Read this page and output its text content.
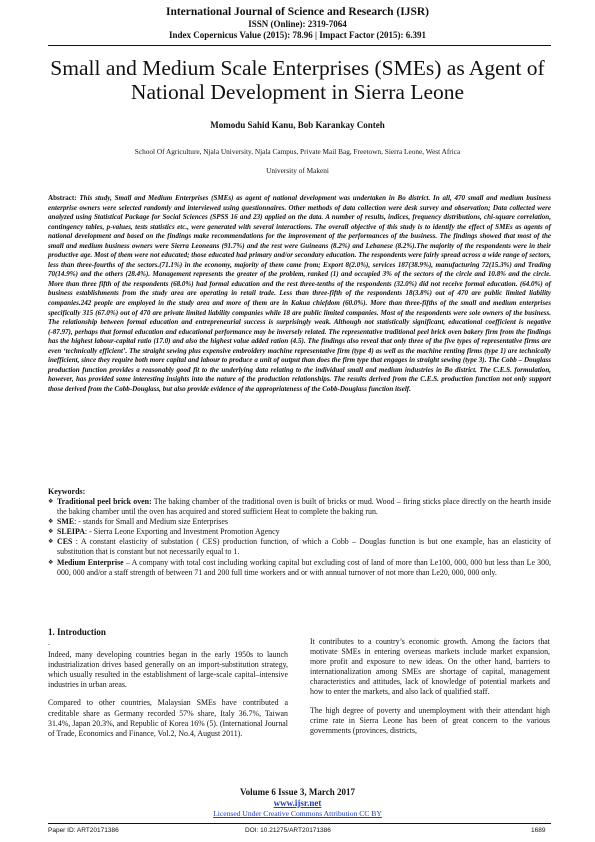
International Journal of Science and Research (IJSR)
ISSN (Online): 2319-7064
Index Copernicus Value (2015): 78.96 | Impact Factor (2015): 6.391
Small and Medium Scale Enterprises (SMEs) as Agent of National Development in Sierra Leone
Momodu Sahid Kanu, Bob Karankay Conteh
School Of Agriculture, Njala University, Njala Campus, Private Mail Bag, Freetown, Sierra Leone, West Africa
University of Makeni
Abstract: This study, Small and Medium Enterprises (SMEs) as agent of national development was undertaken in Bo district. In all, 470 small and medium business enterprise owners were selected randomly and interviewed using questionnaires. Other methods of data collection were desk survey and observation; Data collected were analyzed using Statistical Package for Social Sciences (SPSS 16 and 23) applied on the data. A number of results, indices, frequency distributions, chi-square correlation, contingency tables, p-values, tests statistics etc., were generated with several interactions. The overall objective of this study is to identify the effect of SMEs as agents of national development and based on the findings make recommendations for the improvement of the performances of the business. The findings showed that most of the small and medium business owners were Sierra Leoneans (91.7%) and the rest were Guineans (8.2%) and Lebanese (8.2%).The majority of the respondents were in their productive age. Most of them were not educated; those educated had primary and/or secondary education. The respondents were fairly spread across a wide range of sectors, less than three-fourths of the sectors.(71.1%) in the economy, majority of them came from; Export 8(2.0%), services 187(38.9%), manufacturing 72(15.3%) and Trading 70(14.9%) and the others (28.4%). Management represents the greater of the problem, ranked (1) and occupied 3% of the sectors of the circle and 10.8% and the circle. More than three fifth of the respondents (68.0%) had formal education and the rest three-tenths of the respondents (32.0%) did not receive formal education. (64.0%) of business establishments from the study area are operating in retail trade. Less than three-fifth of the respondents 18(3.8%) out of 470 are public limited liability companies.242 people are employed in the study area and more of them are in Kakua chiefdom (60.0%). More than three-fifths of the small and medium enterprises specifically 315 (67.0%) out of 470 are private limited liability companies while 18 are public limited companies. Most of the respondents were sole owners of the business. The relationship between formal education and entrepreneurial success is surprisingly weak. Although not statistically significant, educational coefficient is negative (-87.97), perhaps that formal education and educational performance may be inversely related. The representative traditional peel brick oven bakery firm from the findings has the highest labour-capital ratio (17.0) and also the highest value added ration (4.5). The findings also reveal that only three of the five types of representative firms are even ‘technically efficient’. The straight sewing plus expensive embroidery machine representative firm (type 4) as well as the machine renting firms (type 1) are technically inefficient, since they require both more capital and labour to produce a unit of output than does the firm type that engages in straight sewing (type 3). The Cobb – Douglass production function provides a reasonably good fit to the underlying data relating to the individual small and medium industries in Bo district. The C.E.S. formulation, however, has provided some interesting insights into the nature of the production relationships. The results derived from the C.E.S. production function not only support those derived from the Cobb-Douglass, but also provide evidence of the appropriateness of the Cobb-Douglass function itself.
Keywords:
❖ Traditional peel brick oven: The baking chamber of the traditional oven is built of bricks or mud. Wood – firing sticks place directly on the hearth inside the baking chamber until the oven has acquired and stored sufficient Heat to complete the baking run.
❖ SME: - stands for Small and Medium size Enterprises
❖ SLEIPA: - Sierra Leone Exporting and Investment Promotion Agency
❖ CES : A constant elasticity of substation ( CES) production function, of which a Cobb – Douglas function is but one example, has an elasticity of substitution that is constant but not necessarily equal to 1.
❖ Medium Enterprise – A company with total cost including working capital but excluding cost of land of more than Le100, 000, 000 but less than Le 300, 000, 000 and/or a staff strength of between 71 and 200 full time workers and or with annual turnover of not more than Le20, 000, 000 only.
1. Introduction
.

Indeed, many developing countries began in the early 1950s to launch industrialization drives based generally on an import-substitution strategy, which usually resulted in the establishment of large-scale capital–intensive industries in urban areas.

Compared to other countries, Malaysian SMEs have contributed a creditable share as Germany recorded 57% share, Italy 36.7%, Taiwan 31.4%, Japan 20.3%, and Republic of Korea 16% (5). (International Journal of Trade, Economics and Finance, Vol.2, No.4, August 2011).

It contributes to a country’s economic growth. Among the factors that motivate SMEs in entering overseas markets include market expansion, more profit and exposure to new ideas. On the other hand, barriers to internationalization among SMEs are shortage of capital, management characteristics and attitudes, lack of knowledge of potential markets and how to enter the markets, and also lack of qualified staff.

The high degree of poverty and unemployment with their attendant high crime rate in Sierra Leone has been of great concern to the various governments (provinces, districts,

Volume 6 Issue 3, March 2017
www.ijsr.net
Licensed Under Creative Commons Attribution CC BY
Paper ID: ART20171386	DOI: 10.21275/ART20171386	1689
